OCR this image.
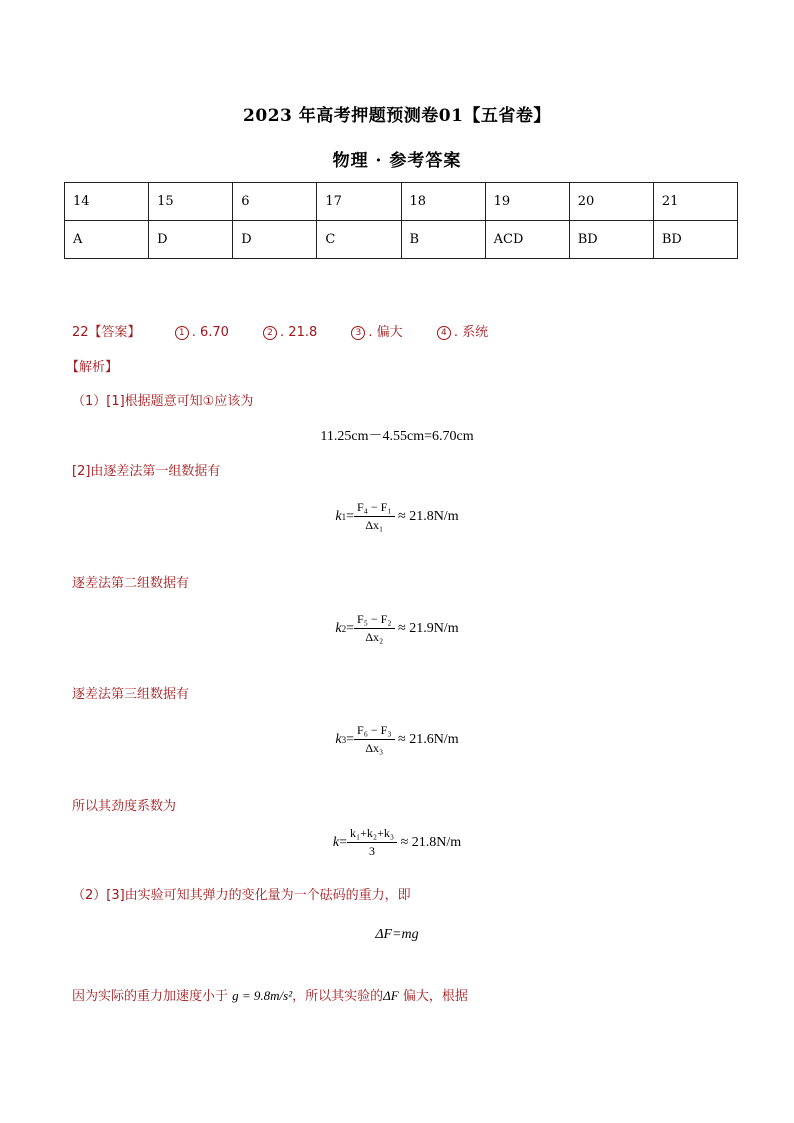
2023 年高考押题预测卷01【五省卷】
物理 · 参考答案
14	15	6	17	18	19	20	21
A	D	D	C	B	ACD	BD	BD
22【答案】	1 . 6.70	2 . 21.8	3 . 偏大	4 . 系统
【解析】
（1）[1]根据题意可知①应该为
11.25cm－4.55cm=6.70cm
[2]由逐差法第一组数据有
k $1 = \frac{\text{F₄ − F₁}}{\text{Δx₁}}$
≈ 21.8N/m
逐差法第二组数据有
k $2 = \frac{\text{F₅ − F₂}}{\text{Δx₂}}$
≈ 21.9N/m
逐差法第三组数据有
k $3 = \frac{\text{F₆ − F₃}}{\text{Δx₃}}$
≈ 21.6N/m
所以其劲度系数为
$k = \frac{\text{k₁+k₂+k₃}}{3}$
≈ 21.8N/m
（2）[3]由实验可知其弹力的变化量为一个砝码的重力，即
ΔF=mg
因为实际的重力加速度小于 g = 9.8m/s²，所以其实验的ΔF 偏大，根据
